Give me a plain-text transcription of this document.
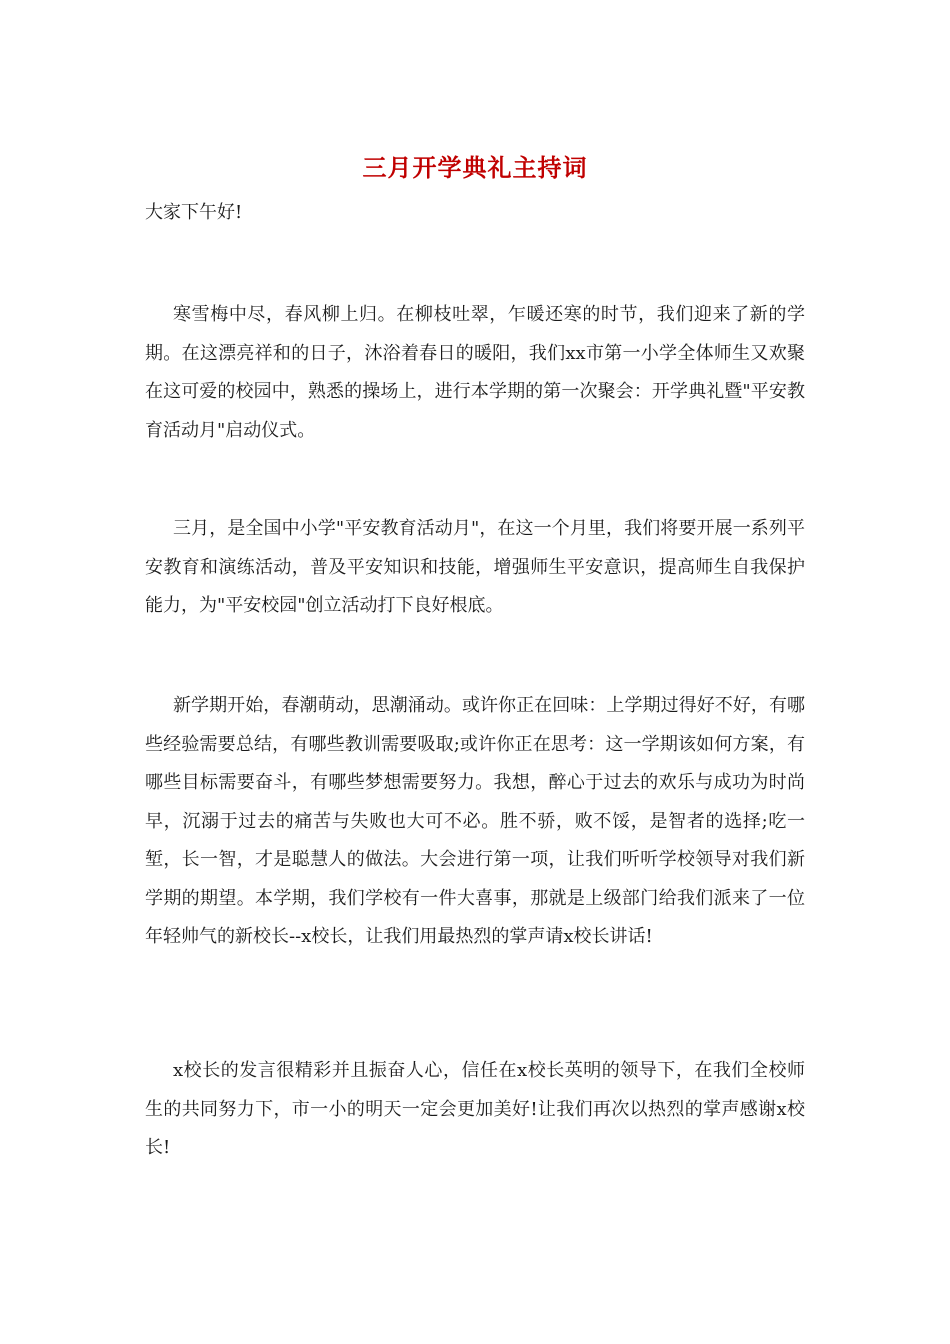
三月开学典礼主持词

大家下午好!

寒雪梅中尽，春风柳上归。在柳枝吐翠，乍暖还寒的时节，我们迎来了新的学期。在这漂亮祥和的日子，沐浴着春日的暖阳，我们xx市第一小学全体师生又欢聚在这可爱的校园中，熟悉的操场上，进行本学期的第一次聚会：开学典礼暨"平安教育活动月"启动仪式。

三月，是全国中小学"平安教育活动月"，在这一个月里，我们将要开展一系列平安教育和演练活动，普及平安知识和技能，增强师生平安意识，提高师生自我保护能力，为"平安校园"创立活动打下良好根底。

新学期开始，春潮萌动，思潮涌动。或许你正在回味：上学期过得好不好，有哪些经验需要总结，有哪些教训需要吸取;或许你正在思考：这一学期该如何方案，有哪些目标需要奋斗，有哪些梦想需要努力。我想，醉心于过去的欢乐与成功为时尚早，沉溺于过去的痛苦与失败也大可不必。胜不骄，败不馁，是智者的选择;吃一堑，长一智，才是聪慧人的做法。大会进行第一项，让我们听听学校领导对我们新学期的期望。本学期，我们学校有一件大喜事，那就是上级部门给我们派来了一位年轻帅气的新校长--x校长，让我们用最热烈的掌声请x校长讲话!

x校长的发言很精彩并且振奋人心，信任在x校长英明的领导下，在我们全校师生的共同努力下，市一小的明天一定会更加美好!让我们再次以热烈的掌声感谢x校长!
